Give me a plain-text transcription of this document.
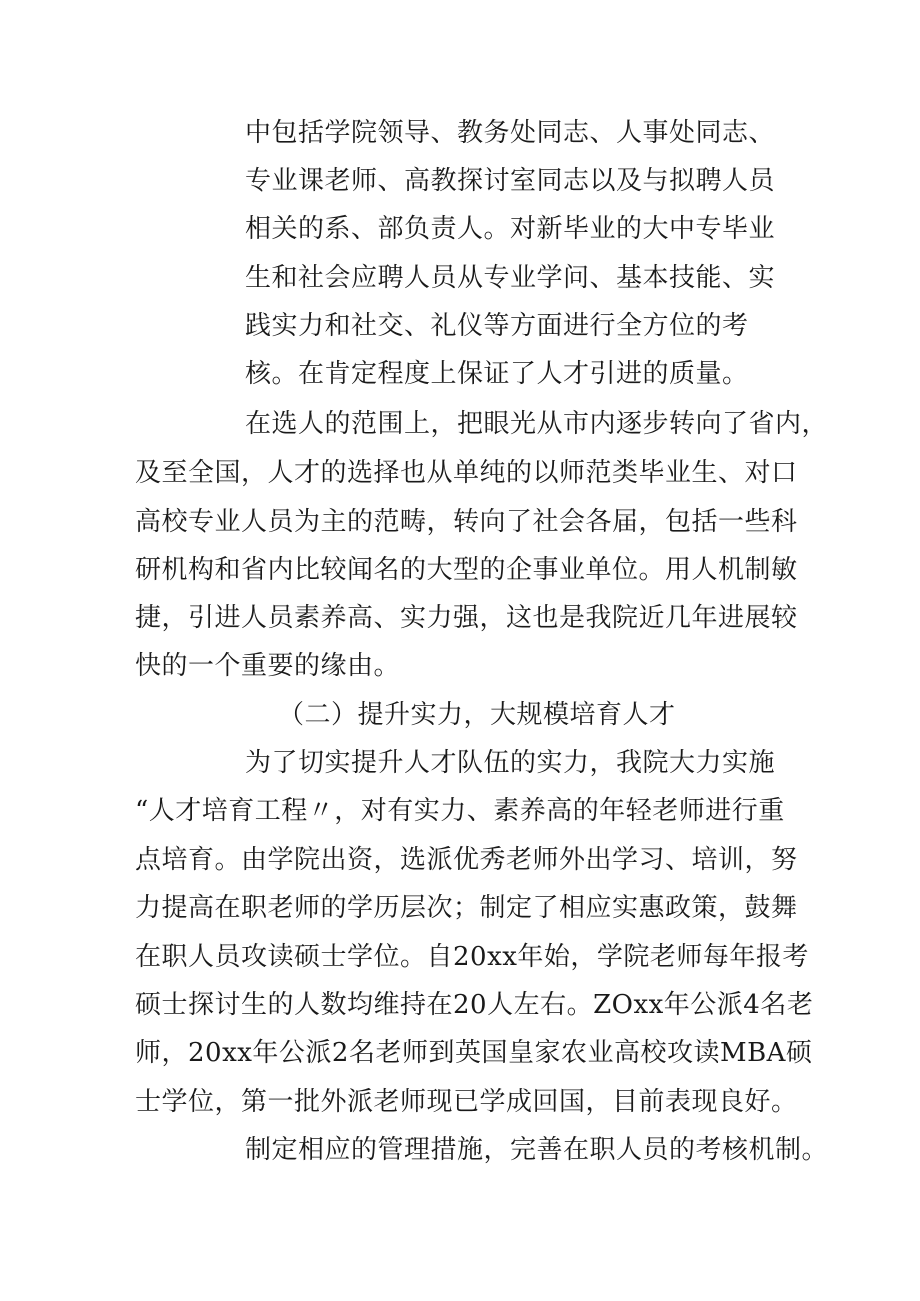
中包括学院领导、教务处同志、人事处同志、
专业课老师、高教探讨室同志以及与拟聘人员
相关的系、部负责人。对新毕业的大中专毕业
生和社会应聘人员从专业学问、基本技能、实
践实力和社交、礼仪等方面进行全方位的考
核。在肯定程度上保证了人才引进的质量。
在选人的范围上，把眼光从市内逐步转向了省内，
及至全国，人才的选择也从单纯的以师范类毕业生、对口
高校专业人员为主的范畴，转向了社会各届，包括一些科
研机构和省内比较闻名的大型的企事业单位。用人机制敏
捷，引进人员素养高、实力强，这也是我院近几年进展较
快的一个重要的缘由。
（二）提升实力，大规模培育人才
为了切实提升人才队伍的实力，我院大力实施
“人才培育工程〃，对有实力、素养高的年轻老师进行重
点培育。由学院出资，选派优秀老师外出学习、培训，努
力提高在职老师的学历层次；制定了相应实惠政策，鼓舞
在职人员攻读硕士学位。自20xx年始，学院老师每年报考
硕士探讨生的人数均维持在20人左右。ZOxx年公派4名老
师，20xx年公派2名老师到英国皇家农业高校攻读MBA硕
士学位，第一批外派老师现已学成回国，目前表现良好。
制定相应的管理措施，完善在职人员的考核机制。
